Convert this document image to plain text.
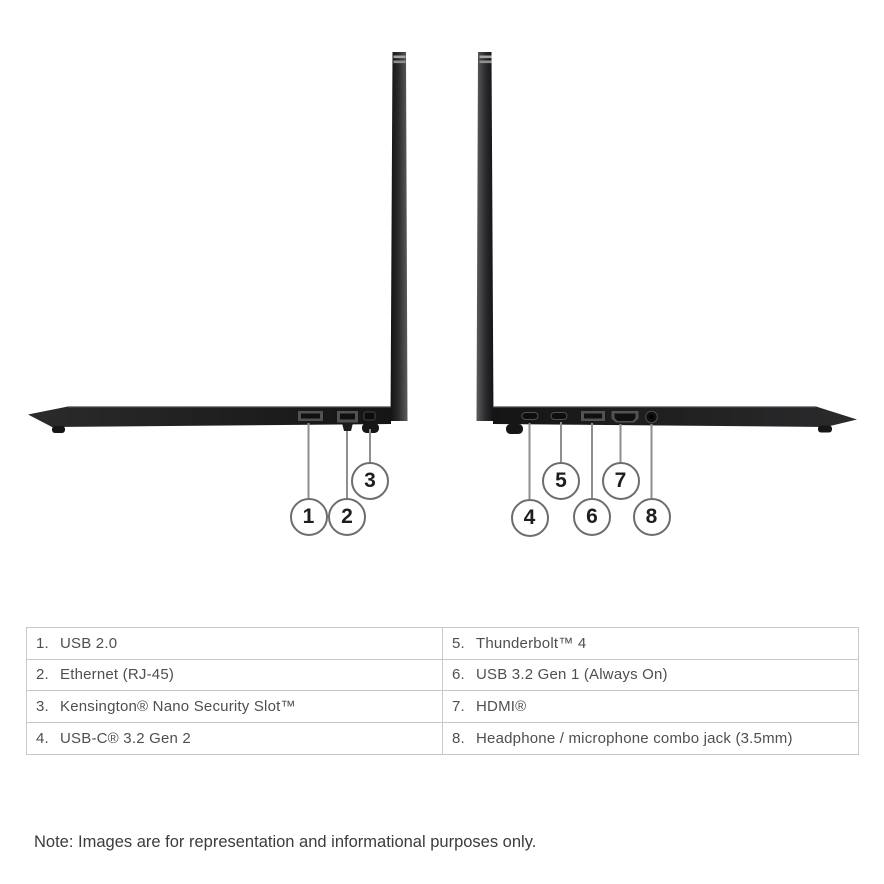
1 2
3
4
5
6
7
8
1. USB 2.0
2. Ethernet (RJ-45)
3. Kensington® Nano Security Slot™
4. USB-C® 3.2 Gen 2
5. Thunderbolt™ 4
6. USB 3.2 Gen 1 (Always On)
7. HDMI®
8. Headphone / microphone combo jack (3.5mm)
Note: Images are for representation and informational purposes only.
